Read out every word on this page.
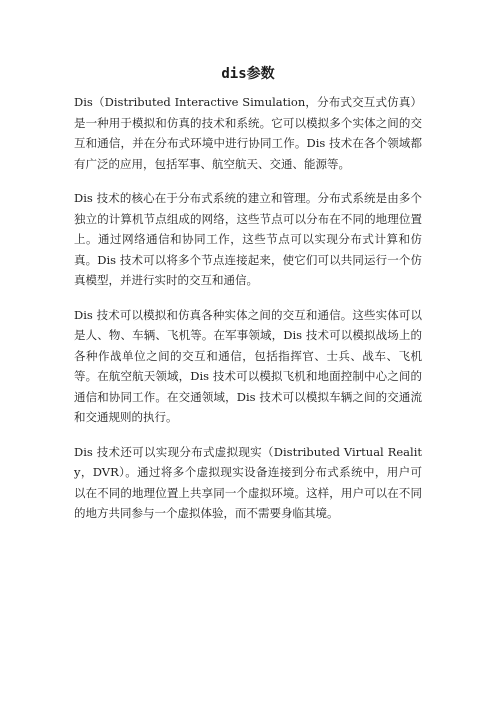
dis参数

Dis（Distributed Interactive Simulation，分布式交互式仿真）是一种用于模拟和仿真的技术和系统。它可以模拟多个实体之间的交互和通信，并在分布式环境中进行协同工作。Dis 技术在各个领域都有广泛的应用，包括军事、航空航天、交通、能源等。

Dis 技术的核心在于分布式系统的建立和管理。分布式系统是由多个独立的计算机节点组成的网络，这些节点可以分布在不同的地理位置上。通过网络通信和协同工作，这些节点可以实现分布式计算和仿真。Dis 技术可以将多个节点连接起来，使它们可以共同运行一个仿真模型，并进行实时的交互和通信。

Dis 技术可以模拟和仿真各种实体之间的交互和通信。这些实体可以是人、物、车辆、飞机等。在军事领域，Dis 技术可以模拟战场上的各种作战单位之间的交互和通信，包括指挥官、士兵、战车、飞机等。在航空航天领域，Dis 技术可以模拟飞机和地面控制中心之间的通信和协同工作。在交通领域，Dis 技术可以模拟车辆之间的交通流和交通规则的执行。

Dis 技术还可以实现分布式虚拟现实（Distributed Virtual Reality，DVR）。通过将多个虚拟现实设备连接到分布式系统中，用户可以在不同的地理位置上共享同一个虚拟环境。这样，用户可以在不同的地方共同参与一个虚拟体验，而不需要身临其境。
